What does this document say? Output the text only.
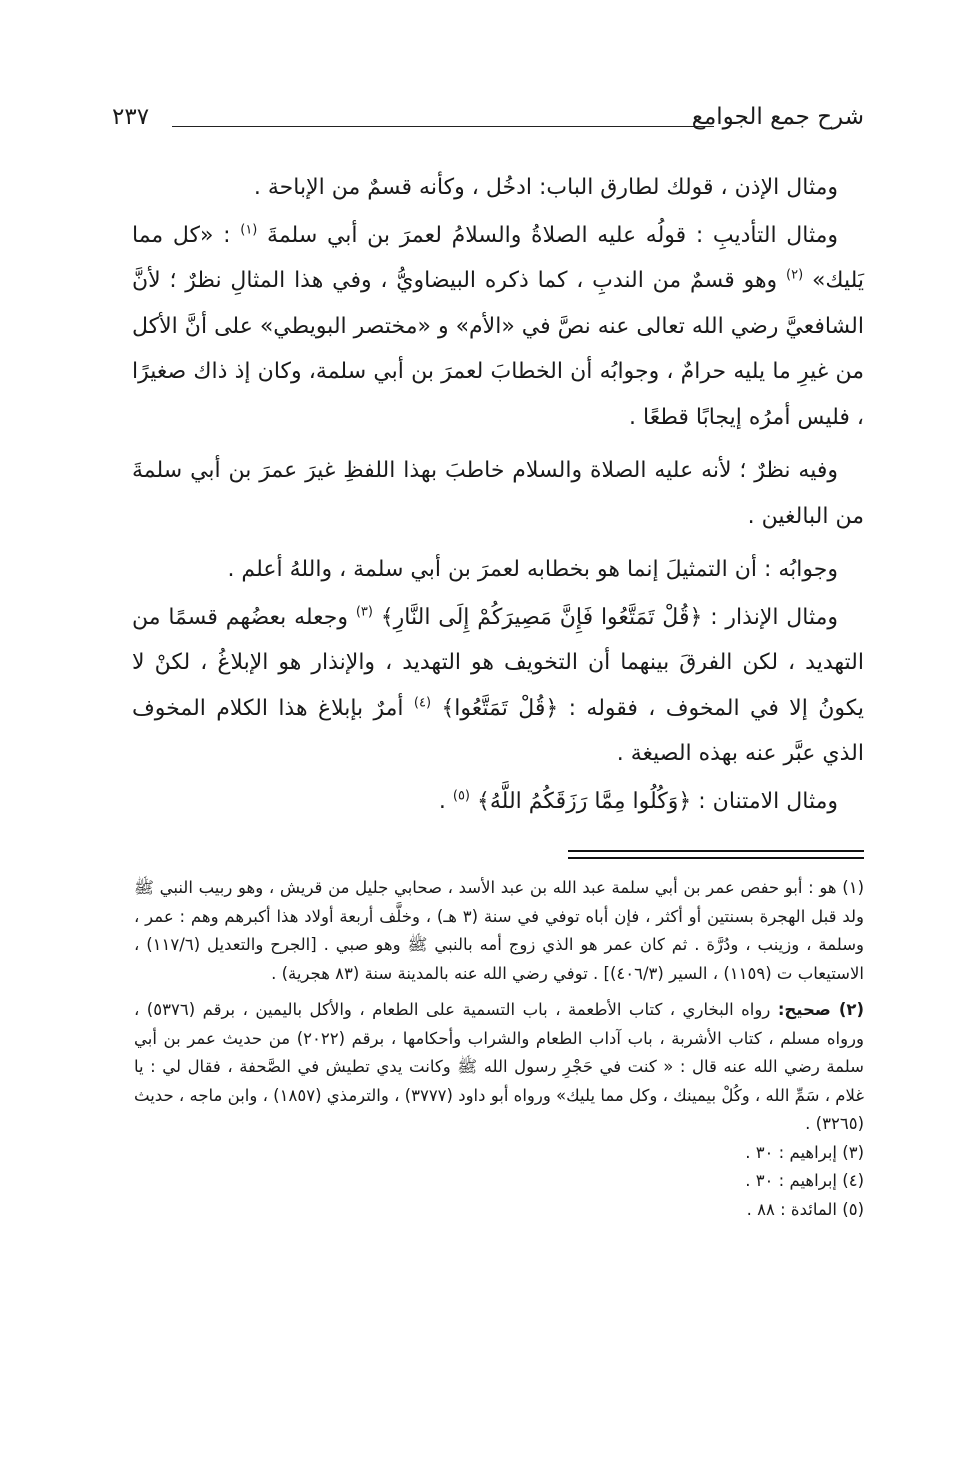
شرح جمع الجوامع
٢٣٧

ومثال الإذن ، قولك لطارق الباب: ادخُل ، وكأنه قسمٌ من الإباحة .

ومثال التأديبِ : قولُه عليه الصلاةُ والسلامُ لعمرَ بن أبي سلمةَ $^{(١)}$ : «كل مما يَليك» $^{(٢)}$ وهو قسمٌ من الندبِ ، كما ذكره البيضاويُّ ، وفي هذا المثالِ نظرٌ ؛ لأنَّ الشافعيَّ رضي الله تعالى عنه نصَّ في «الأم» و «مختصر البويطي» على أنَّ الأكل من غيرِ ما يليه حرامٌ ، وجوابُه أن الخطابَ لعمرَ بن أبي سلمة، وكان إذ ذاك صغيرًا ، فليس أمرُه إيجابًا قطعًا .

وفيه نظرٌ ؛ لأنه عليه الصلاة والسلام خاطبَ بهذا اللفظِ غيرَ عمرَ بن أبي سلمةَ من البالغين .

وجوابُه : أن التمثيلَ إنما هو بخطابه لعمرَ بن أبي سلمة ، واللهُ أعلم .

ومثال الإنذار : ﴿قُلْ تَمَتَّعُوا فَإِنَّ مَصِيرَكُمْ إِلَى النَّارِ﴾ $^{(٣)}$ وجعله بعضُهم قسمًا من التهديد ، لكن الفرقَ بينهما أن التخويف هو التهديد ، والإنذار هو الإبلاغُ ، لكنْ لا يكونُ إلا في المخوف ، فقوله : ﴿قُلْ تَمَتَّعُوا﴾ $^{(٤)}$ أمرٌ بإبلاغ هذا الكلام المخوف الذي عبَّر عنه بهذه الصيغة .

ومثال الامتنان : ﴿وَكُلُوا مِمَّا رَزَقَكُمُ اللَّهُ﴾ $^{(٥)}$ .

(١) هو : أبو حفص عمر بن أبي سلمة عبد الله بن عبد الأسد ، صحابي جليل من قريش ، وهو ربيب النبي ﷺ ولد قبل الهجرة بسنتين أو أكثر ، فإن أباه توفي في سنة (٣ هـ) ، وخلَّف أربعة أولاد هذا أكبرهم وهم : عمر ، وسلمة ، وزينب ، ودُرَّة . ثم كان عمر هو الذي زوج أمه بالنبي ﷺ وهو صبي . [الجرح والتعديل (١١٧/٦) ، الاستيعاب ت (١١٥٩) ، السير (٤٠٦/٣)] . توفي رضي الله عنه بالمدينة سنة (٨٣ هجرية) .

(٢) صحيح: رواه البخاري ، كتاب الأطعمة ، باب التسمية على الطعام ، والأكل باليمين ، برقم (٥٣٧٦) ، ورواه مسلم ، كتاب الأشربة ، باب آداب الطعام والشراب وأحكامها ، برقم (٢٠٢٢) من حديث عمر بن أبي سلمة رضي الله عنه قال : « كنت في حَجْرِ رسول الله ﷺ وكانت يدي تطيش في الصَّحفة ، فقال لي : يا غلام ، سَمِّ الله ، وكُلْ بيمينك ، وكل مما يليك» ورواه أبو داود (٣٧٧٧) ، والترمذي (١٨٥٧) ، وابن ماجه ، حديث (٣٢٦٥) .

(٣) إبراهيم : ٣٠ .

(٤) إبراهيم : ٣٠ .

(٥) المائدة : ٨٨ .
